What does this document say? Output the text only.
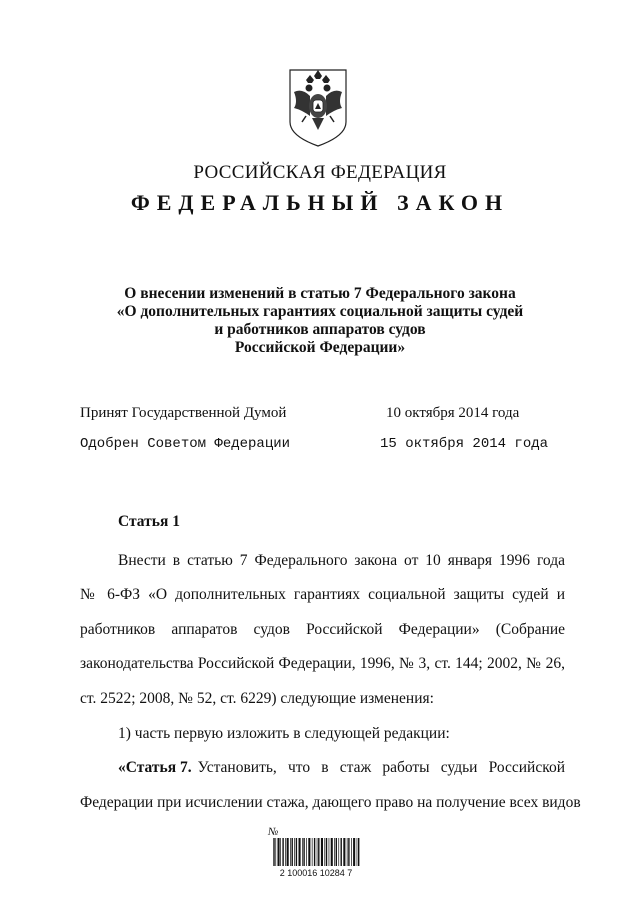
РОССИЙСКАЯ ФЕДЕРАЦИЯ
ФЕДЕРАЛЬНЫЙ ЗАКОН
О внесении изменений в статью 7 Федерального закона
«О дополнительных гарантиях социальной защиты судей
и работников аппаратов судов
Российской Федерации»
Принят Государственной Думой	10 октября 2014 года
Одобрен Советом Федерации	15 октября 2014 года
Статья 1
Внести в статью 7 Федерального закона от 10 января 1996 года
№ 6-ФЗ «О дополнительных гарантиях социальной защиты судей и
работников аппаратов судов Российской Федерации» (Собрание
законодательства Российской Федерации, 1996, № 3, ст. 144; 2002, № 26,
ст. 2522; 2008, № 52, ст. 6229) следующие изменения:
1) часть первую изложить в следующей редакции:
«Статья 7. Установить, что в стаж работы судьи Российской
Федерации при исчислении стажа, дающего право на получение всех видов
№
2 100016 10284 7
